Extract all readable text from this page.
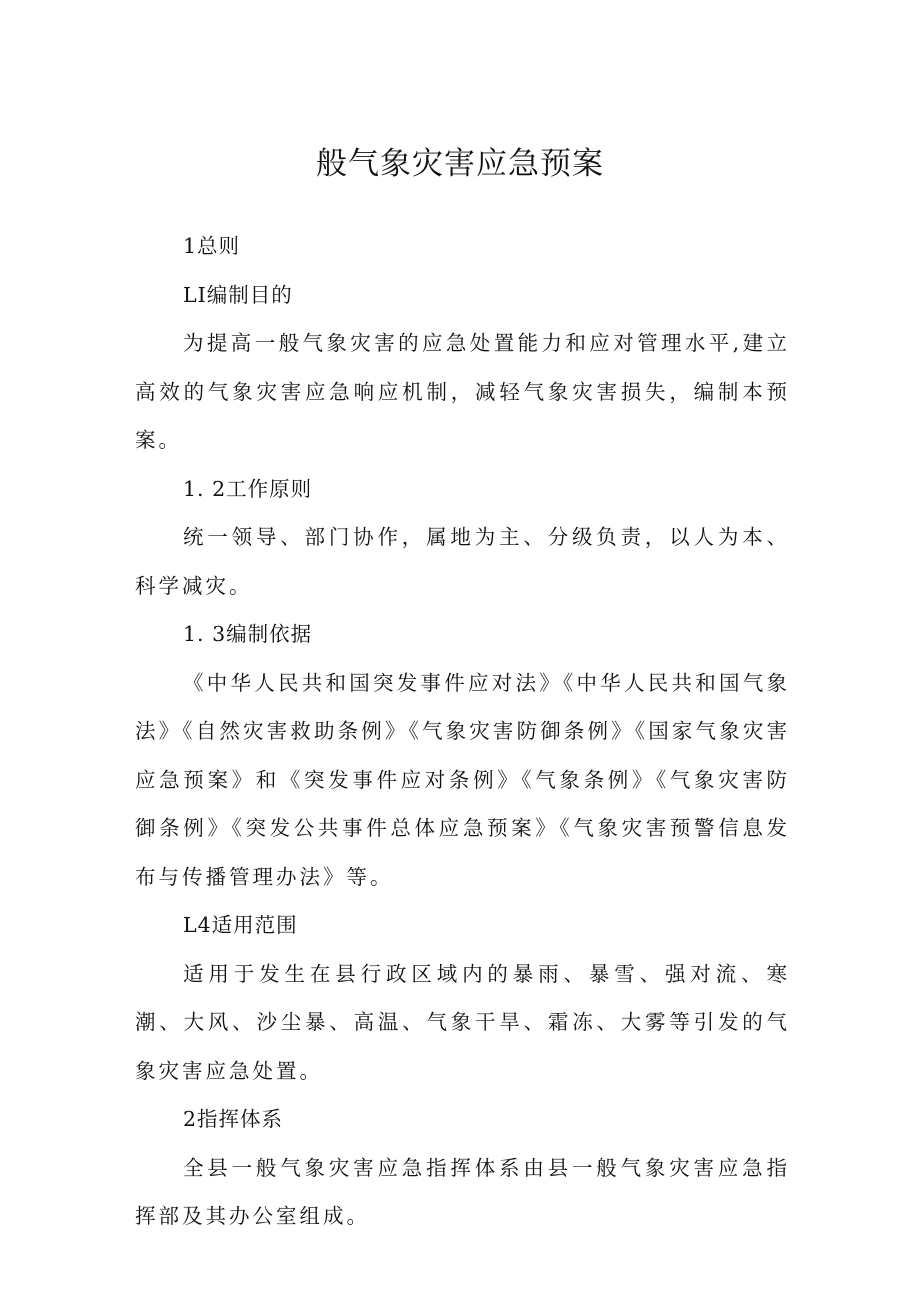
般气象灾害应急预案

1总则

LI编制目的

为提高一般气象灾害的应急处置能力和应对管理水平,建立高效的气象灾害应急响应机制，减轻气象灾害损失，编制本预案。

1. 2工作原则

统一领导、部门协作，属地为主、分级负责，以人为本、科学减灾。

1. 3编制依据

《中华人民共和国突发事件应对法》《中华人民共和国气象法》《自然灾害救助条例》《气象灾害防御条例》《国家气象灾害应急预案》和《突发事件应对条例》《气象条例》《气象灾害防御条例》《突发公共事件总体应急预案》《气象灾害预警信息发布与传播管理办法》等。

L4适用范围

适用于发生在县行政区域内的暴雨、暴雪、强对流、寒潮、大风、沙尘暴、高温、气象干旱、霜冻、大雾等引发的气象灾害应急处置。

2指挥体系

全县一般气象灾害应急指挥体系由县一般气象灾害应急指挥部及其办公室组成。
